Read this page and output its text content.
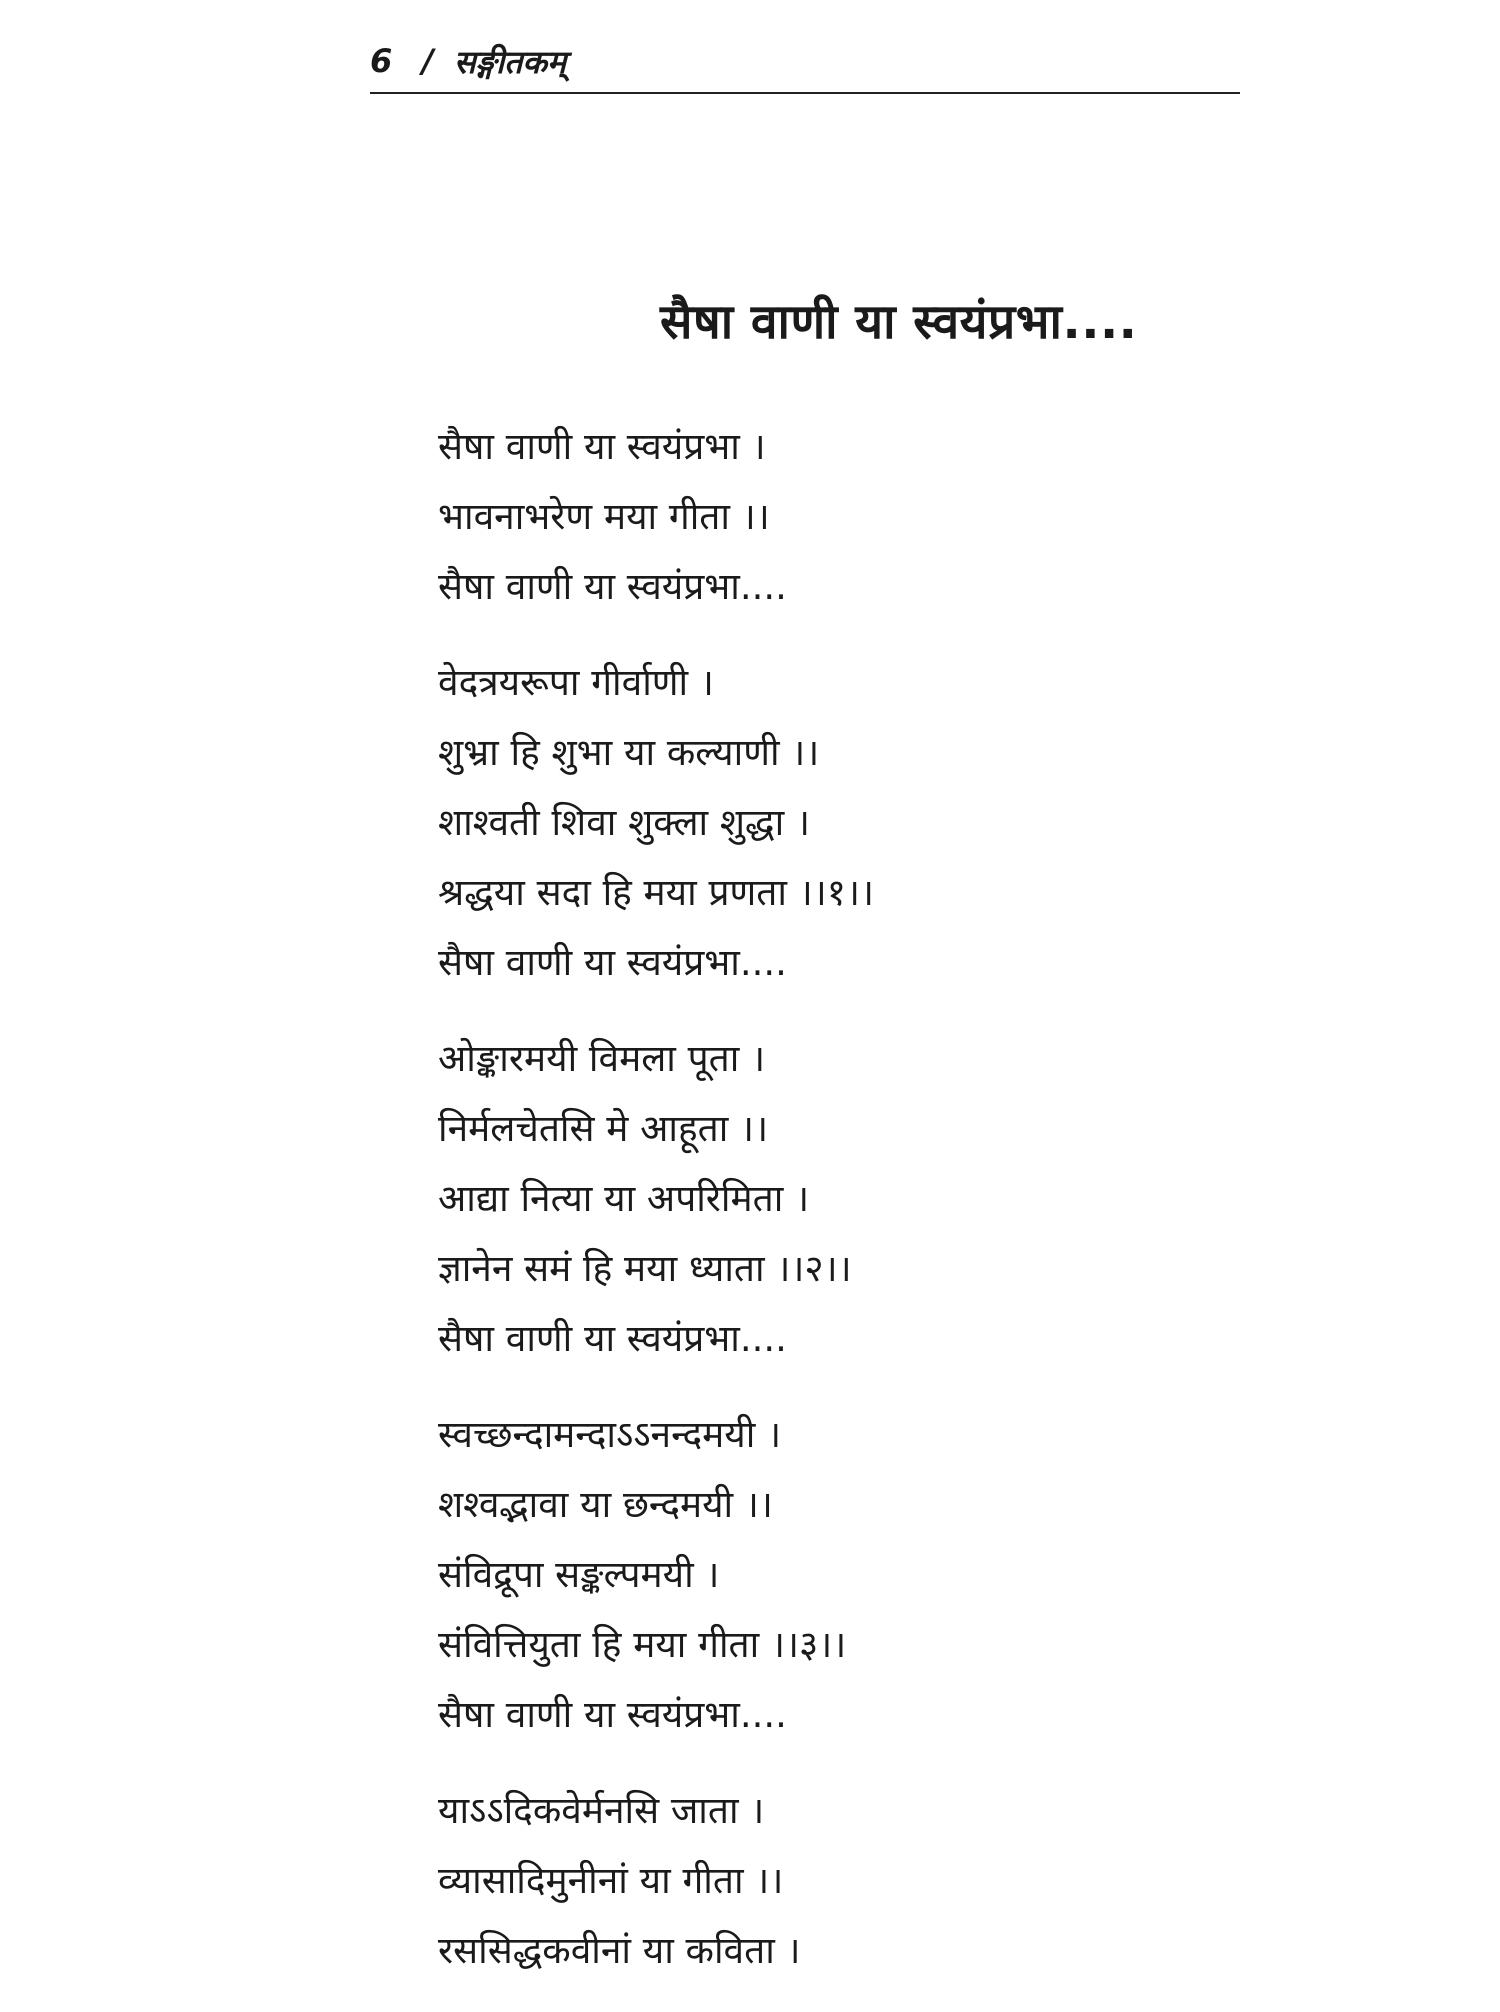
6 / सङ्गीतकम्
सैषा वाणी या स्वयंप्रभा....
सैषा वाणी या स्वयंप्रभा ।
भावनाभरेण मया गीता ।।
सैषा वाणी या स्वयंप्रभा....
वेदत्रयरूपा गीर्वाणी ।
शुभ्रा हि शुभा या कल्याणी ।।
शाश्वती शिवा शुक्ला शुद्धा ।
श्रद्धया सदा हि मया प्रणता ।।१।।
सैषा वाणी या स्वयंप्रभा....
ओङ्कारमयी विमला पूता ।
निर्मलचेतसि मे आहूता ।।
आद्या नित्या या अपरिमिता ।
ज्ञानेन समं हि मया ध्याता ।।२।।
सैषा वाणी या स्वयंप्रभा....
स्वच्छन्दामन्दाऽऽनन्दमयी ।
शश्वद्भावा या छन्दमयी ।।
संविद्रूपा सङ्कल्पमयी ।
संवित्तियुता हि मया गीता ।।३।।
सैषा वाणी या स्वयंप्रभा....
याऽऽदिकवेर्मनसि जाता ।
व्यासादिमुनीनां या गीता ।।
रससिद्धकवीनां या कविता ।
